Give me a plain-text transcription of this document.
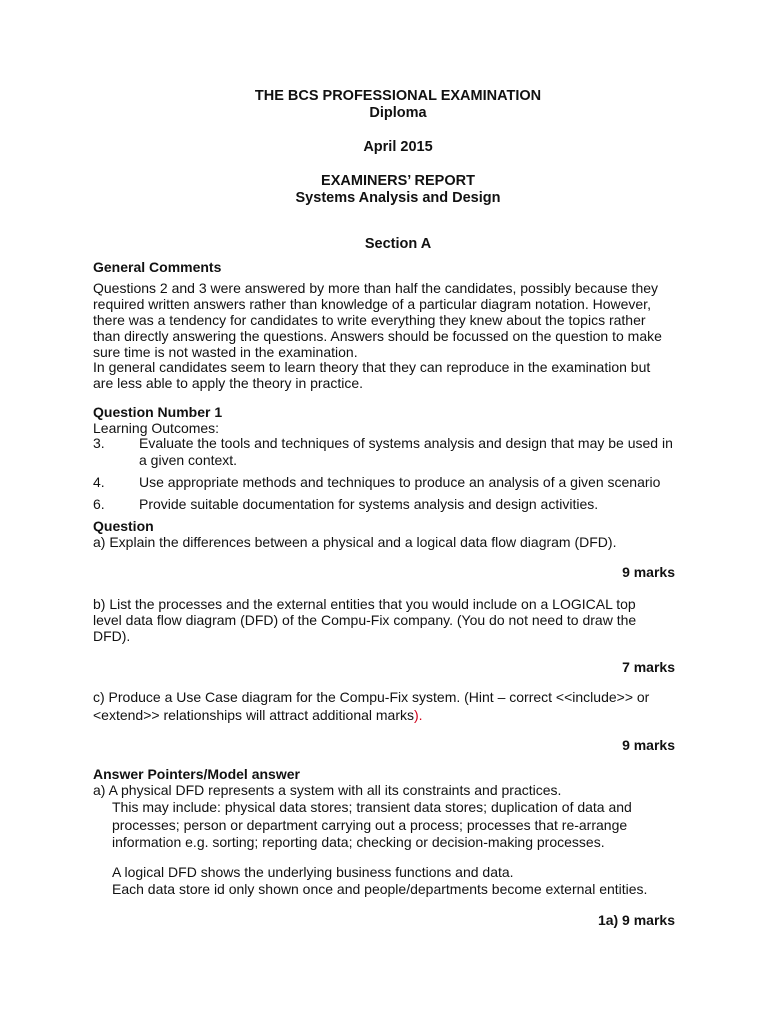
THE BCS PROFESSIONAL EXAMINATION
Diploma
April 2015
EXAMINERS’ REPORT
Systems Analysis and Design
Section A
General Comments
Questions 2 and 3 were answered by more than half the candidates, possibly because they
required written answers rather than knowledge of a particular diagram notation. However,
there was a tendency for candidates to write everything they knew about the topics rather
than directly answering the questions. Answers should be focussed on the question to make
sure time is not wasted in the examination.
In general candidates seem to learn theory that they can reproduce in the examination but
are less able to apply the theory in practice.
Question Number 1
Learning Outcomes:
3. Evaluate the tools and techniques of systems analysis and design that may be used in a given context.
4. Use appropriate methods and techniques to produce an analysis of a given scenario
6. Provide suitable documentation for systems analysis and design activities.
Question
a) Explain the differences between a physical and a logical data flow diagram (DFD).
9 marks
b) List the processes and the external entities that you would include on a LOGICAL top
level data flow diagram (DFD) of the Compu-Fix company. (You do not need to draw the
DFD).
7 marks
c) Produce a Use Case diagram for the Compu-Fix system. (Hint – correct <<include>> or
<extend>> relationships will attract additional marks).
9 marks
Answer Pointers/Model answer
a) A physical DFD represents a system with all its constraints and practices.
This may include: physical data stores; transient data stores; duplication of data and
processes; person or department carrying out a process; processes that re-arrange
information e.g. sorting; reporting data; checking or decision-making processes.
A logical DFD shows the underlying business functions and data.
Each data store id only shown once and people/departments become external entities.
1a) 9 marks
